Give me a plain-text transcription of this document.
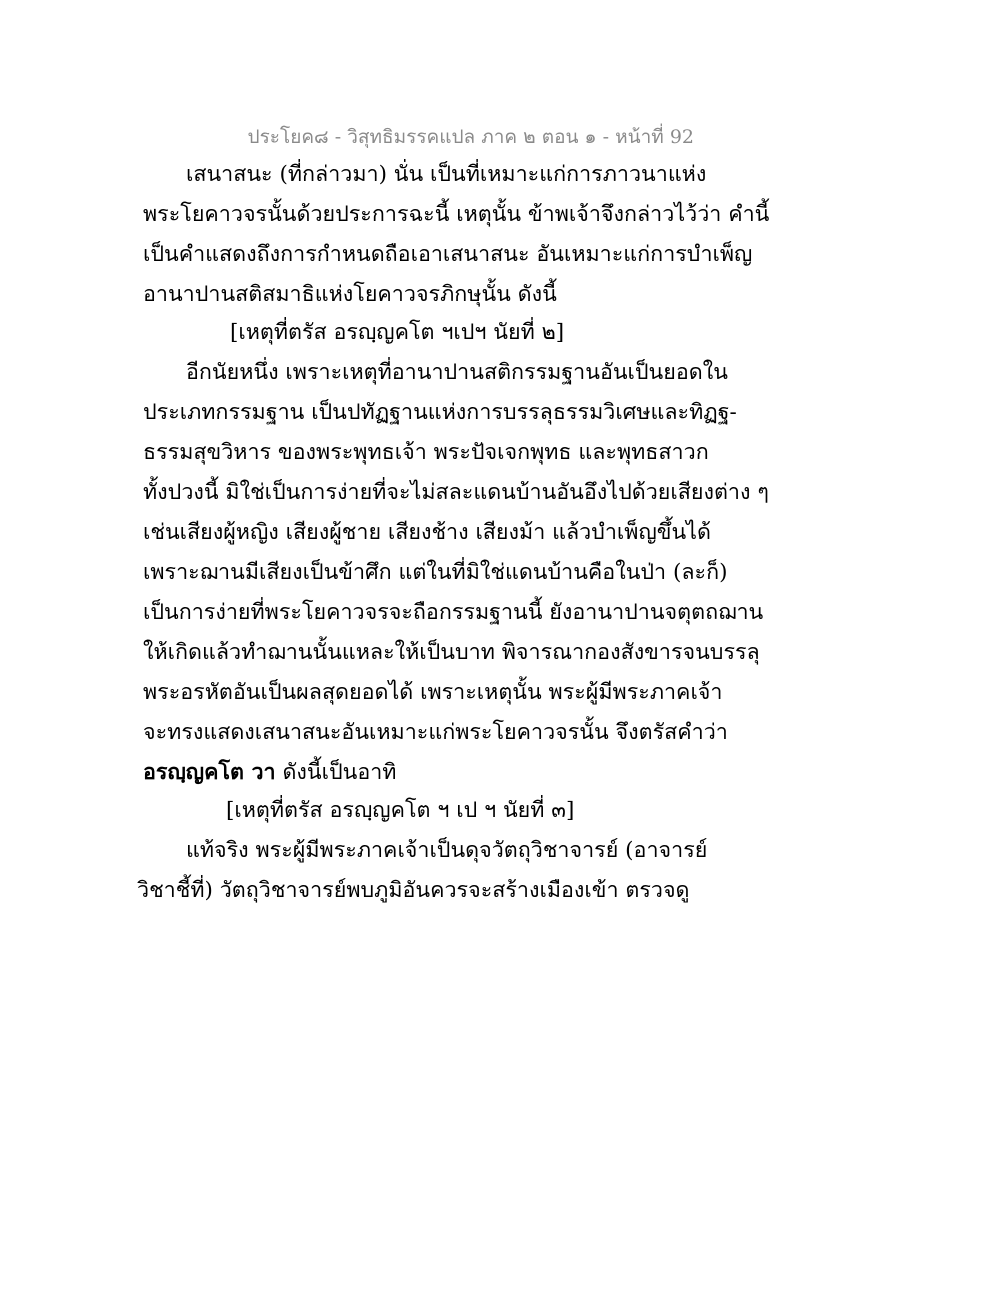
ประโยค๘ - วิสุทธิมรรคแปล ภาค ๒ ตอน ๑ - หน้าที่ 92
เสนาสนะ (ที่กล่าวมา) นั่น เป็นที่เหมาะแก่การภาวนาแห่ง
พระโยคาวจรนั้นด้วยประการฉะนี้ เหตุนั้น ข้าพเจ้าจึงกล่าวไว้ว่า คำนี้
เป็นคำแสดงถึงการกำหนดถือเอาเสนาสนะ อันเหมาะแก่การบำเพ็ญ
อานาปานสติสมาธิแห่งโยคาวจรภิกษุนั้น ดังนี้
[เหตุที่ตรัส อรญฺญคโต ฯเปฯ นัยที่ ๒]
อีกนัยหนึ่ง เพราะเหตุที่อานาปานสติกรรมฐานอันเป็นยอดใน
ประเภทกรรมฐาน เป็นปทัฏฐานแห่งการบรรลุธรรมวิเศษและทิฏฐ-
ธรรมสุขวิหาร ของพระพุทธเจ้า พระปัจเจกพุทธ และพุทธสาวก
ทั้งปวงนี้ มิใช่เป็นการง่ายที่จะไม่สละแดนบ้านอันอึงไปด้วยเสียงต่าง ๆ
เช่นเสียงผู้หญิง เสียงผู้ชาย เสียงช้าง เสียงม้า แล้วบำเพ็ญขึ้นได้
เพราะฌานมีเสียงเป็นข้าศึก แต่ในที่มิใช่แดนบ้านคือในป่า (ละก็)
เป็นการง่ายที่พระโยคาวจรจะถือกรรมฐานนี้ ยังอานาปานจตุตถฌาน
ให้เกิดแล้วทำฌานนั้นแหละให้เป็นบาท พิจารณากองสังขารจนบรรลุ
พระอรหัตอันเป็นผลสุดยอดได้ เพราะเหตุนั้น พระผู้มีพระภาคเจ้า
จะทรงแสดงเสนาสนะอันเหมาะแก่พระโยคาวจรนั้น จึงตรัสคำว่า
อรญฺญคโต วา ดังนี้เป็นอาทิ
[เหตุที่ตรัส อรญฺญคโต ฯ เป ฯ นัยที่ ๓]
แท้จริง พระผู้มีพระภาคเจ้าเป็นดุจวัตถุวิชาจารย์ (อาจารย์
วิชาชี้ที่) วัตถุวิชาจารย์พบภูมิอันควรจะสร้างเมืองเข้า ตรวจดู
